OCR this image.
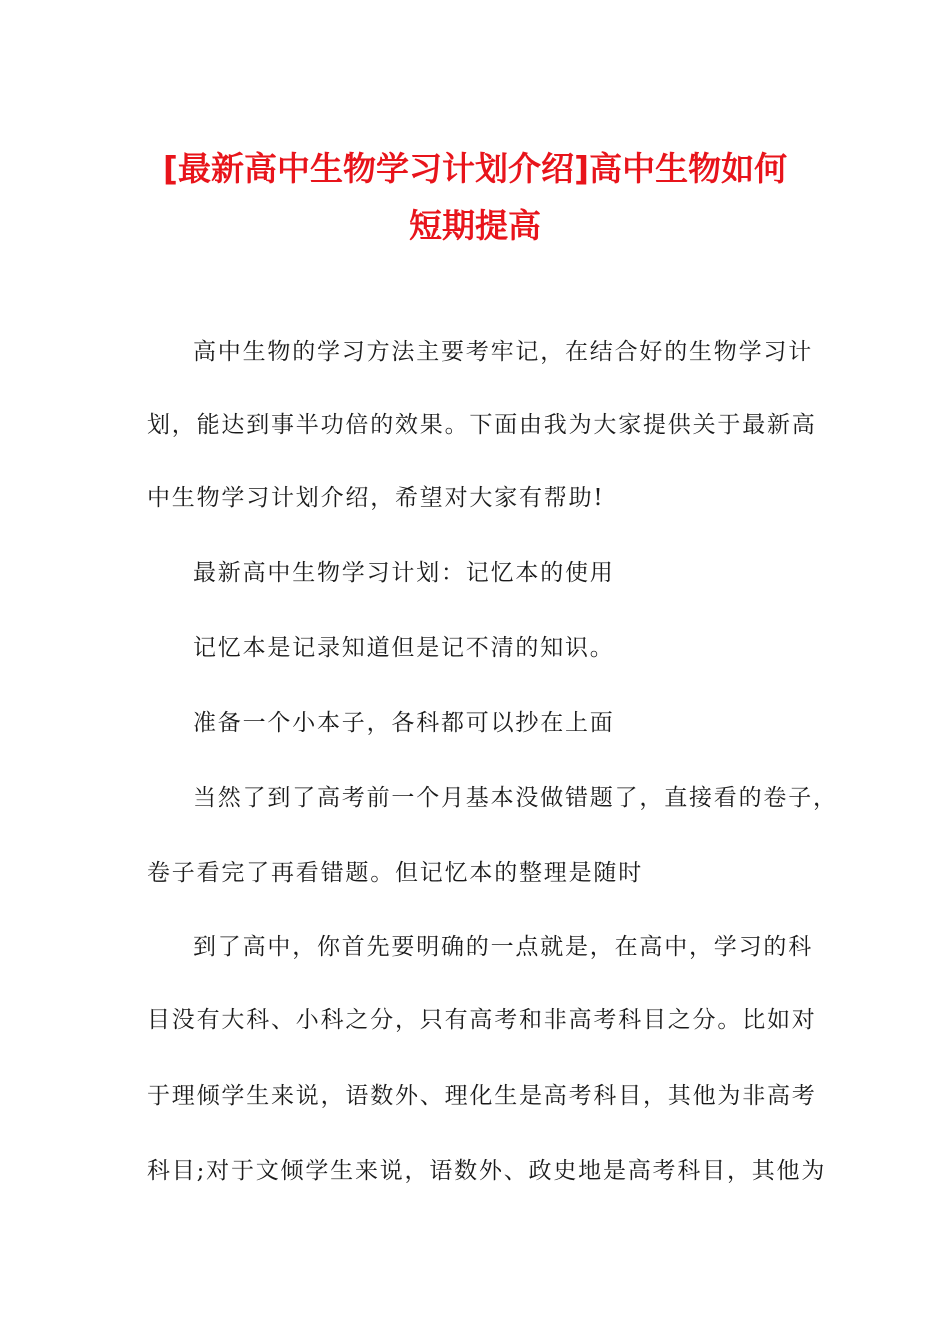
[最新高中生物学习计划介绍]高中生物如何
短期提高
高中生物的学习方法主要考牢记，在结合好的生物学习计
划，能达到事半功倍的效果。下面由我为大家提供关于最新高
中生物学习计划介绍，希望对大家有帮助!
最新高中生物学习计划：记忆本的使用
记忆本是记录知道但是记不清的知识。
准备一个小本子，各科都可以抄在上面
当然了到了高考前一个月基本没做错题了，直接看的卷子，
卷子看完了再看错题。但记忆本的整理是随时
到了高中，你首先要明确的一点就是，在高中，学习的科
目没有大科、小科之分，只有高考和非高考科目之分。比如对
于理倾学生来说，语数外、理化生是高考科目，其他为非高考
科目;对于文倾学生来说，语数外、政史地是高考科目，其他为
